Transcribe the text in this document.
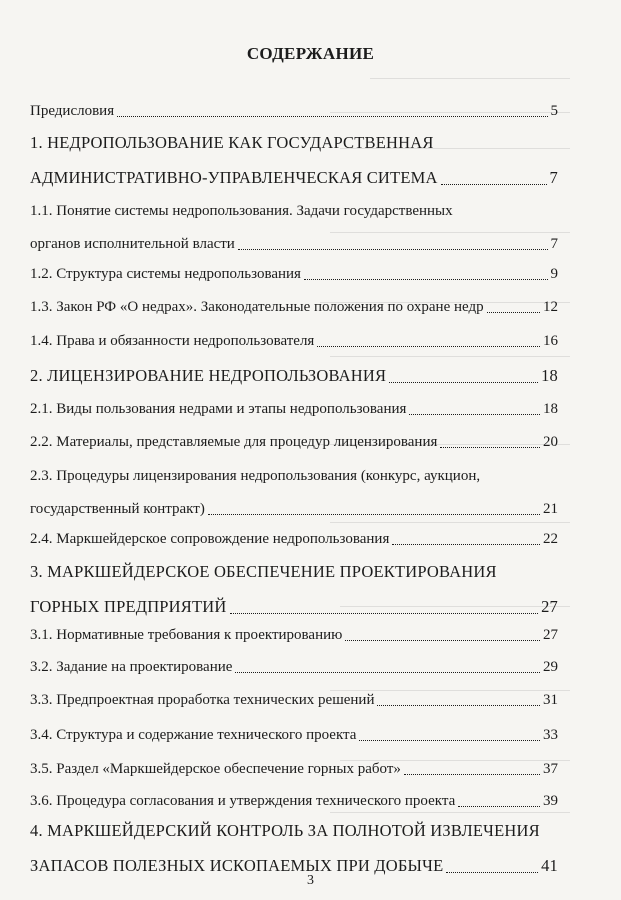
СОДЕРЖАНИЕ
Предисловия	5
1. НЕДРОПОЛЬЗОВАНИЕ КАК ГОСУДАРСТВЕННАЯ
АДМИНИСТРАТИВНО-УПРАВЛЕНЧЕСКАЯ СИТЕМА	7
1.1. Понятие системы недропользования. Задачи государственных
органов исполнительной власти	7
1.2. Структура системы недропользования	9
1.3. Закон РФ «О недрах». Законодательные положения по охране недр	12
1.4. Права и обязанности недропользователя	16
2. ЛИЦЕНЗИРОВАНИЕ НЕДРОПОЛЬЗОВАНИЯ	18
2.1. Виды пользования недрами и этапы недропользования	18
2.2. Материалы, представляемые для процедур лицензирования	20
2.3. Процедуры лицензирования недропользования (конкурс, аукцион,
государственный контракт)	21
2.4. Маркшейдерское сопровождение недропользования	22
3. МАРКШЕЙДЕРСКОЕ ОБЕСПЕЧЕНИЕ ПРОЕКТИРОВАНИЯ
ГОРНЫХ ПРЕДПРИЯТИЙ	27
3.1. Нормативные требования к проектированию	27
3.2. Задание на проектирование	29
3.3. Предпроектная проработка технических решений	31
3.4. Структура и содержание технического проекта	33
3.5. Раздел «Маркшейдерское обеспечение горных работ»	37
3.6. Процедура согласования и утверждения технического проекта	39
4. МАРКШЕЙДЕРСКИЙ КОНТРОЛЬ ЗА ПОЛНОТОЙ ИЗВЛЕЧЕНИЯ
ЗАПАСОВ ПОЛЕЗНЫХ ИСКОПАЕМЫХ ПРИ ДОБЫЧЕ	41
3
